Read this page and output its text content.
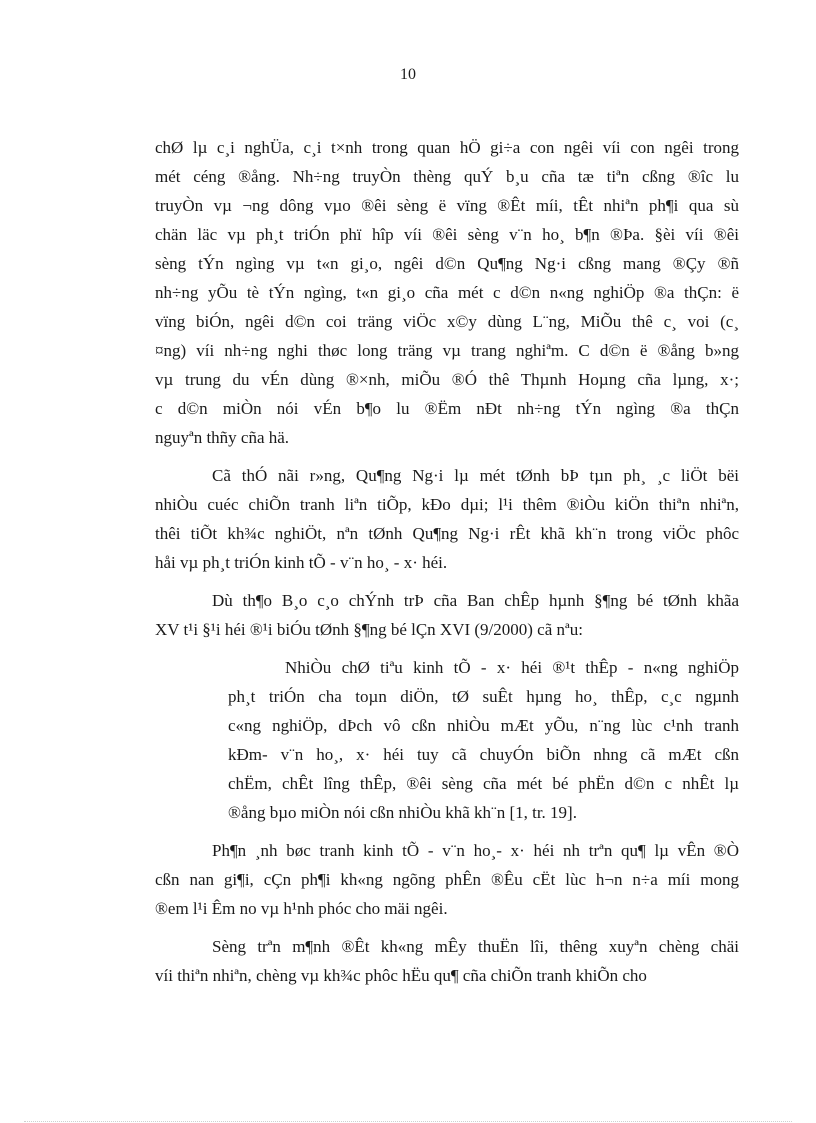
10
chØ lµ c¸i nghÜa, c¸i t×nh trong quan hÖ gi÷a con ngêi víi con ngêi trong
mét céng ®ång. Nh÷ng truyÒn thèng quÝ b¸u cña tæ tiªn cßng ®îc lu
truyÒn vµ ¬ng dông vµo ®êi sèng ë vïng ®Êt míi, tÊt nhiªn ph¶i qua sù
chän läc vµ ph¸t triÓn phï hîp víi ®êi sèng v¨n ho¸ b¶n ®Þa. §èi víi ®êi
sèng tÝn ngìng vµ t«n gi¸o, ngêi d©n Qu¶ng Ng·i cßng mang ®Çy ®ñ
nh÷ng yÕu tè tÝn ngìng, t«n gi¸o cña mét c d©n n«ng nghiÖp ®a thÇn: ë
vïng biÓn, ngêi d©n coi träng viÖc x©y dùng L¨ng, MiÕu thê c¸ voi (c¸
¤ng) víi nh÷ng nghi thøc long träng vµ trang nghiªm. C d©n ë ®ång b»ng
vµ trung du vÉn dùng ®×nh, miÕu ®Ó thê Thµnh Hoµng cña lµng, x·;
c d©n miÒn nói vÉn b¶o lu ®Ëm nÐt nh÷ng tÝn ngìng ®a thÇn
nguyªn thñy cña hä.
Cã thÓ nãi r»ng, Qu¶ng Ng·i lµ mét tØnh bÞ tµn ph¸ ¸c liÖt bëi
nhiÒu cuéc chiÕn tranh liªn tiÕp, kÐo dµi; l¹i thêm ®iÒu kiÖn thiªn nhiªn,
thêi tiÕt kh¾c nghiÖt, nªn tØnh Qu¶ng Ng·i rÊt khã kh¨n trong viÖc phôc
håi vµ ph¸t triÓn kinh tÕ - v¨n ho¸ - x· héi.
Dù th¶o B¸o c¸o chÝnh trÞ cña Ban chÊp hµnh §¶ng bé tØnh khãa
XV t¹i §¹i héi ®¹i biÓu tØnh §¶ng bé lÇn XVI (9/2000) cã nªu:
NhiÒu chØ tiªu kinh tÕ - x· héi ®¹t thÊp - n«ng nghiÖp
ph¸t triÓn cha toµn diÖn, tØ suÊt hµng ho¸ thÊp, c¸c ngµnh
c«ng nghiÖp, dÞch vô cßn nhiÒu mÆt yÕu, n¨ng lùc c¹nh tranh
kÐm- v¨n ho¸, x· héi tuy cã chuyÓn biÕn nhng cã mÆt cßn
chËm, chÊt lîng thÊp, ®êi sèng cña mét bé phËn d©n c nhÊt lµ
®ång bµo miÒn nói cßn nhiÒu khã kh¨n [1, tr. 19].
Ph¶n ¸nh bøc tranh kinh tÕ - v¨n ho¸- x· héi nh trªn qu¶ lµ vÊn ®Ò
cßn nan gi¶i, cÇn ph¶i kh«ng ngõng phÊn ®Êu cËt lùc h¬n n÷a míi mong
®em l¹i Êm no vµ h¹nh phóc cho mäi ngêi.
Sèng trªn m¶nh ®Êt kh«ng mÊy thuËn lîi, thêng xuyªn chèng chäi
víi thiªn nhiªn, chèng vµ kh¾c phôc hËu qu¶ cña chiÕn tranh khiÕn cho
